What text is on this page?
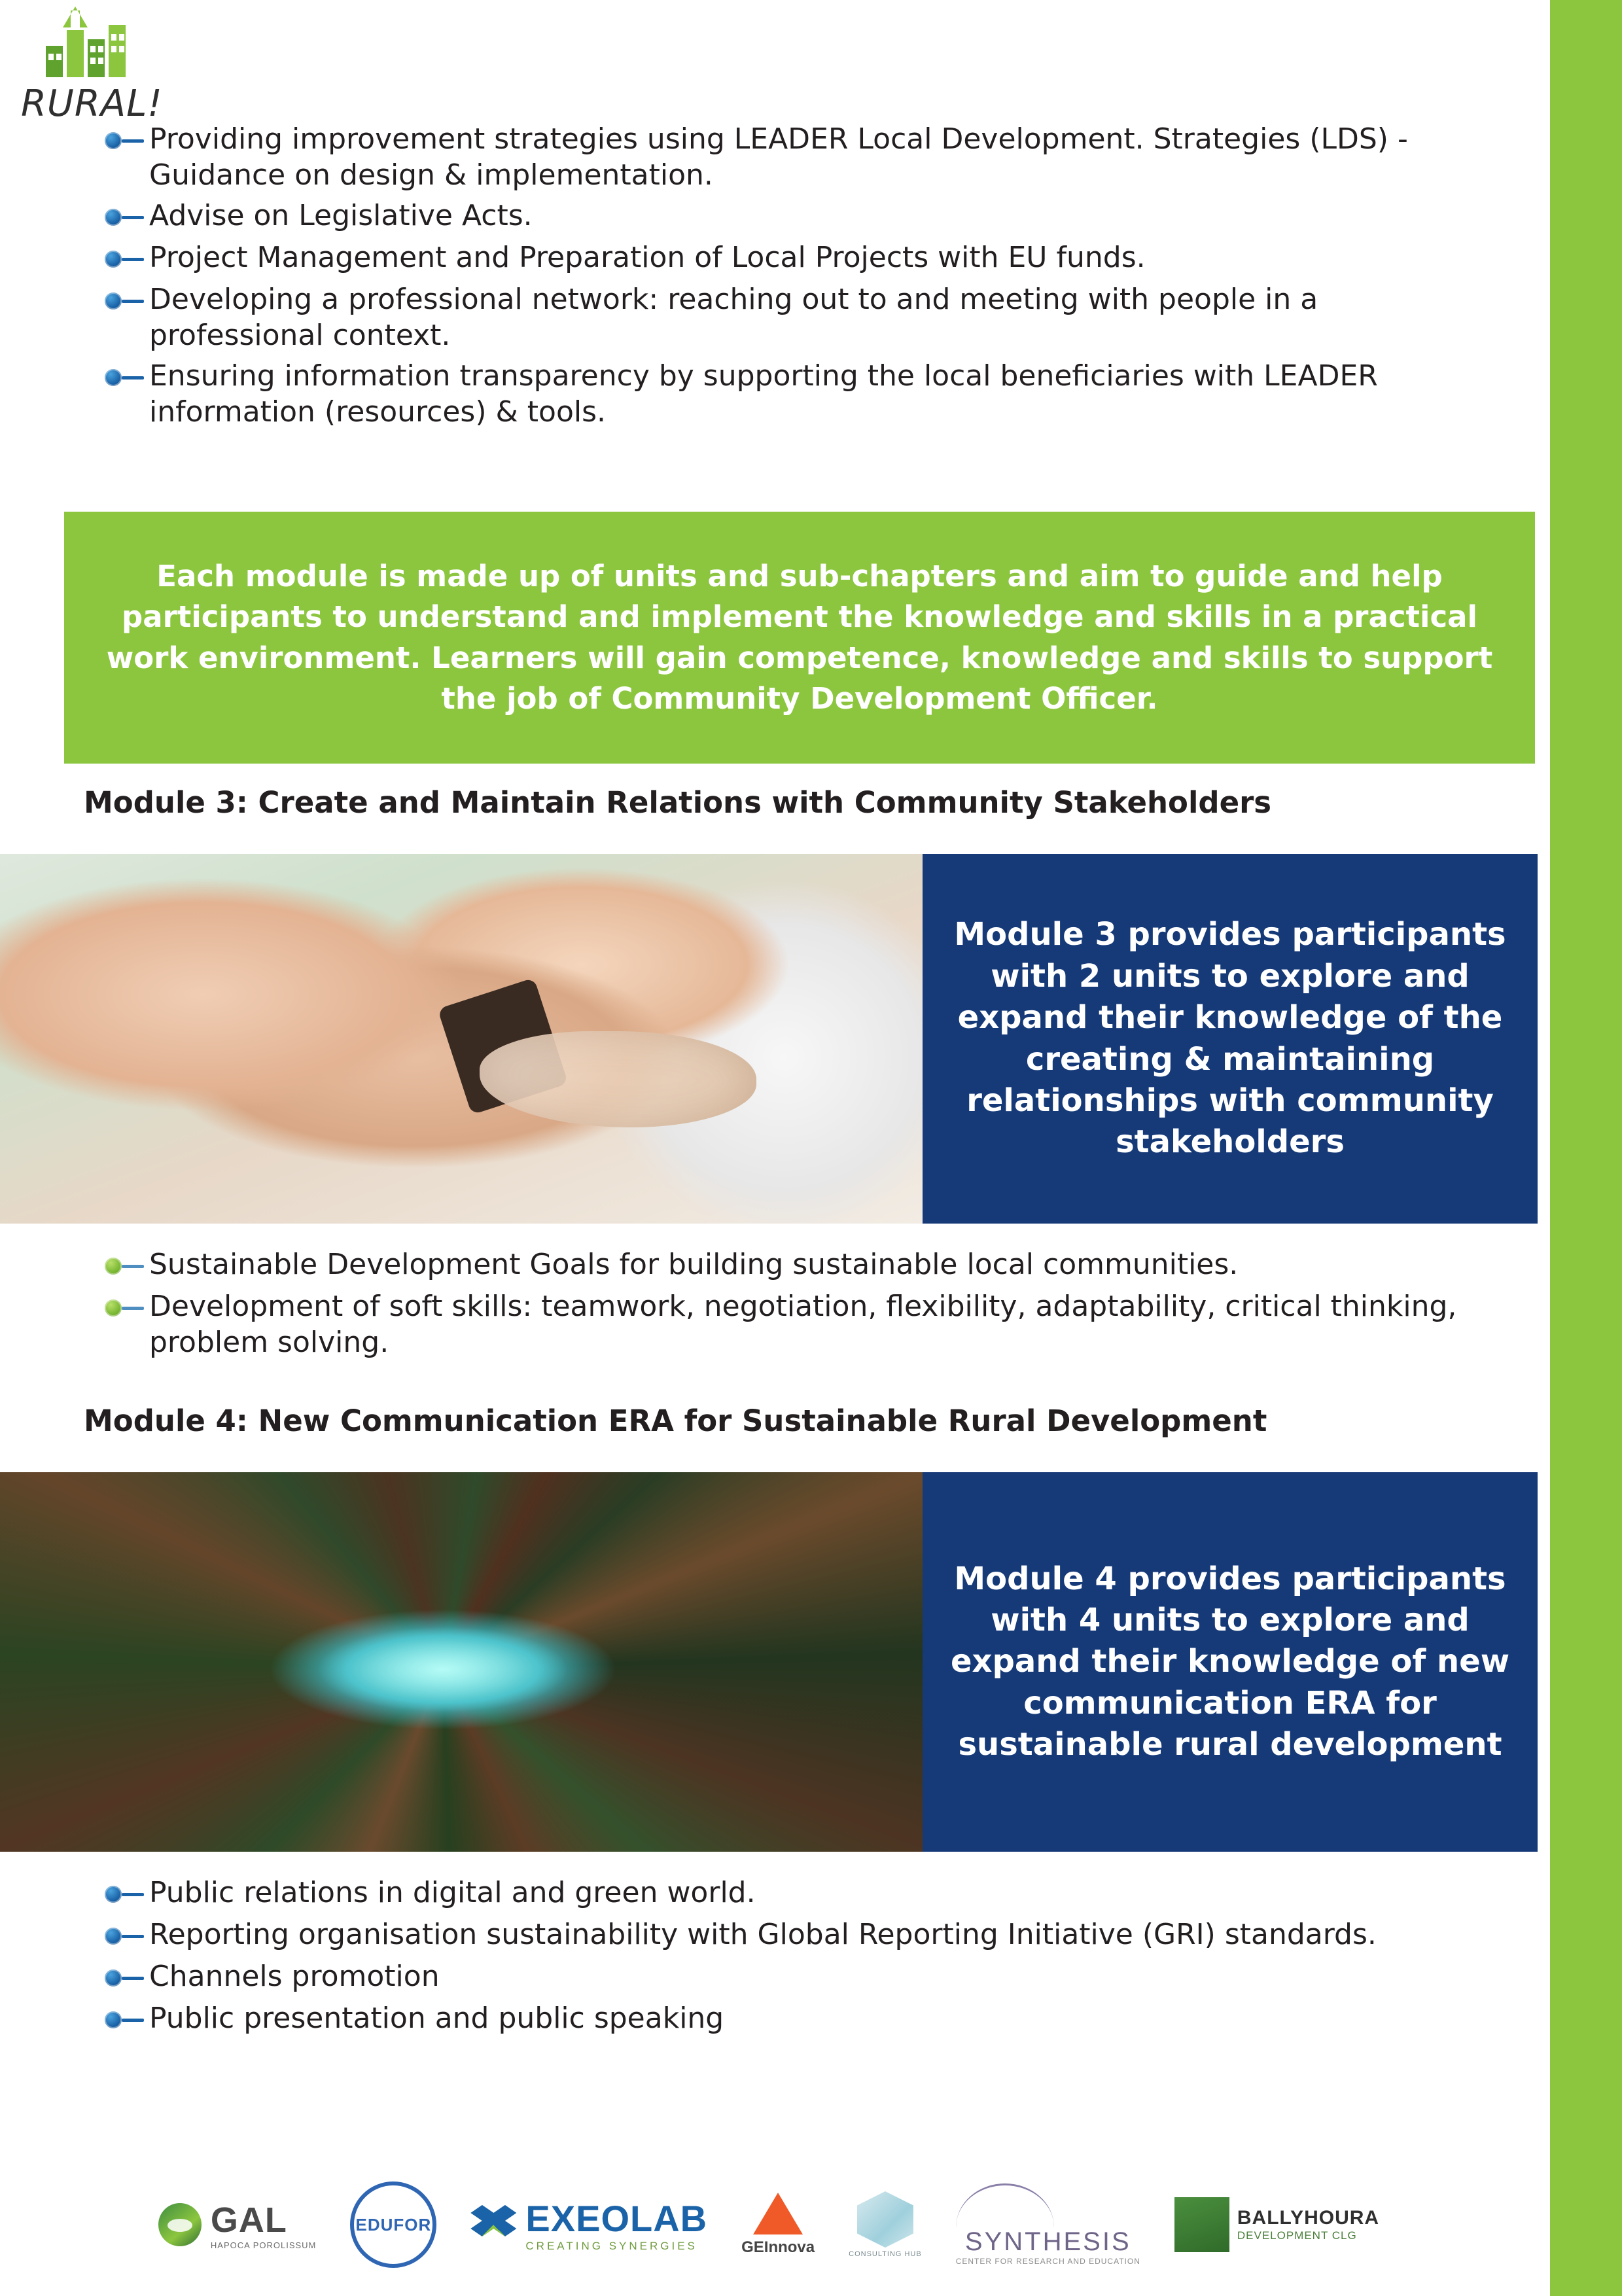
RURAL!
Providing improvement strategies using LEADER Local Development. Strategies (LDS) - Guidance on design & implementation.
Advise on Legislative Acts.
Project Management and Preparation of Local Projects with EU funds.
Developing a professional network: reaching out to and meeting with people in a professional context.
Ensuring information transparency by supporting the local beneficiaries with LEADER information (resources) & tools.

Each module is made up of units and sub-chapters and aim to guide and help participants to understand and implement the knowledge and skills in a practical work environment. Learners will gain competence, knowledge and skills to support the job of Community Development Officer.

Module 3: Create and Maintain Relations with Community Stakeholders

Module 3 provides participants with 2 units to explore and expand their knowledge of the creating & maintaining relationships with community stakeholders

Sustainable Development Goals for building sustainable local communities.
Development of soft skills: teamwork, negotiation, flexibility, adaptability, critical thinking, problem solving.
Module 4: New Communication ERA for Sustainable Rural Development

Module 4 provides participants with 4 units to explore and expand their knowledge of new communication ERA for sustainable rural development

Public relations in digital and green world.
Reporting organisation sustainability with Global Reporting Initiative (GRI) standards.
Channels promotion
Public presentation and public speaking
GAL
HAPOCA POROLISSUM
EDUFOR	EXEOLAB
CREATING SYNERGIES	GEInnova	CONSULTING HUB	SYNTHESIS
CENTER FOR RESEARCH AND EDUCATION
BALLYHOURA
DEVELOPMENT CLG
